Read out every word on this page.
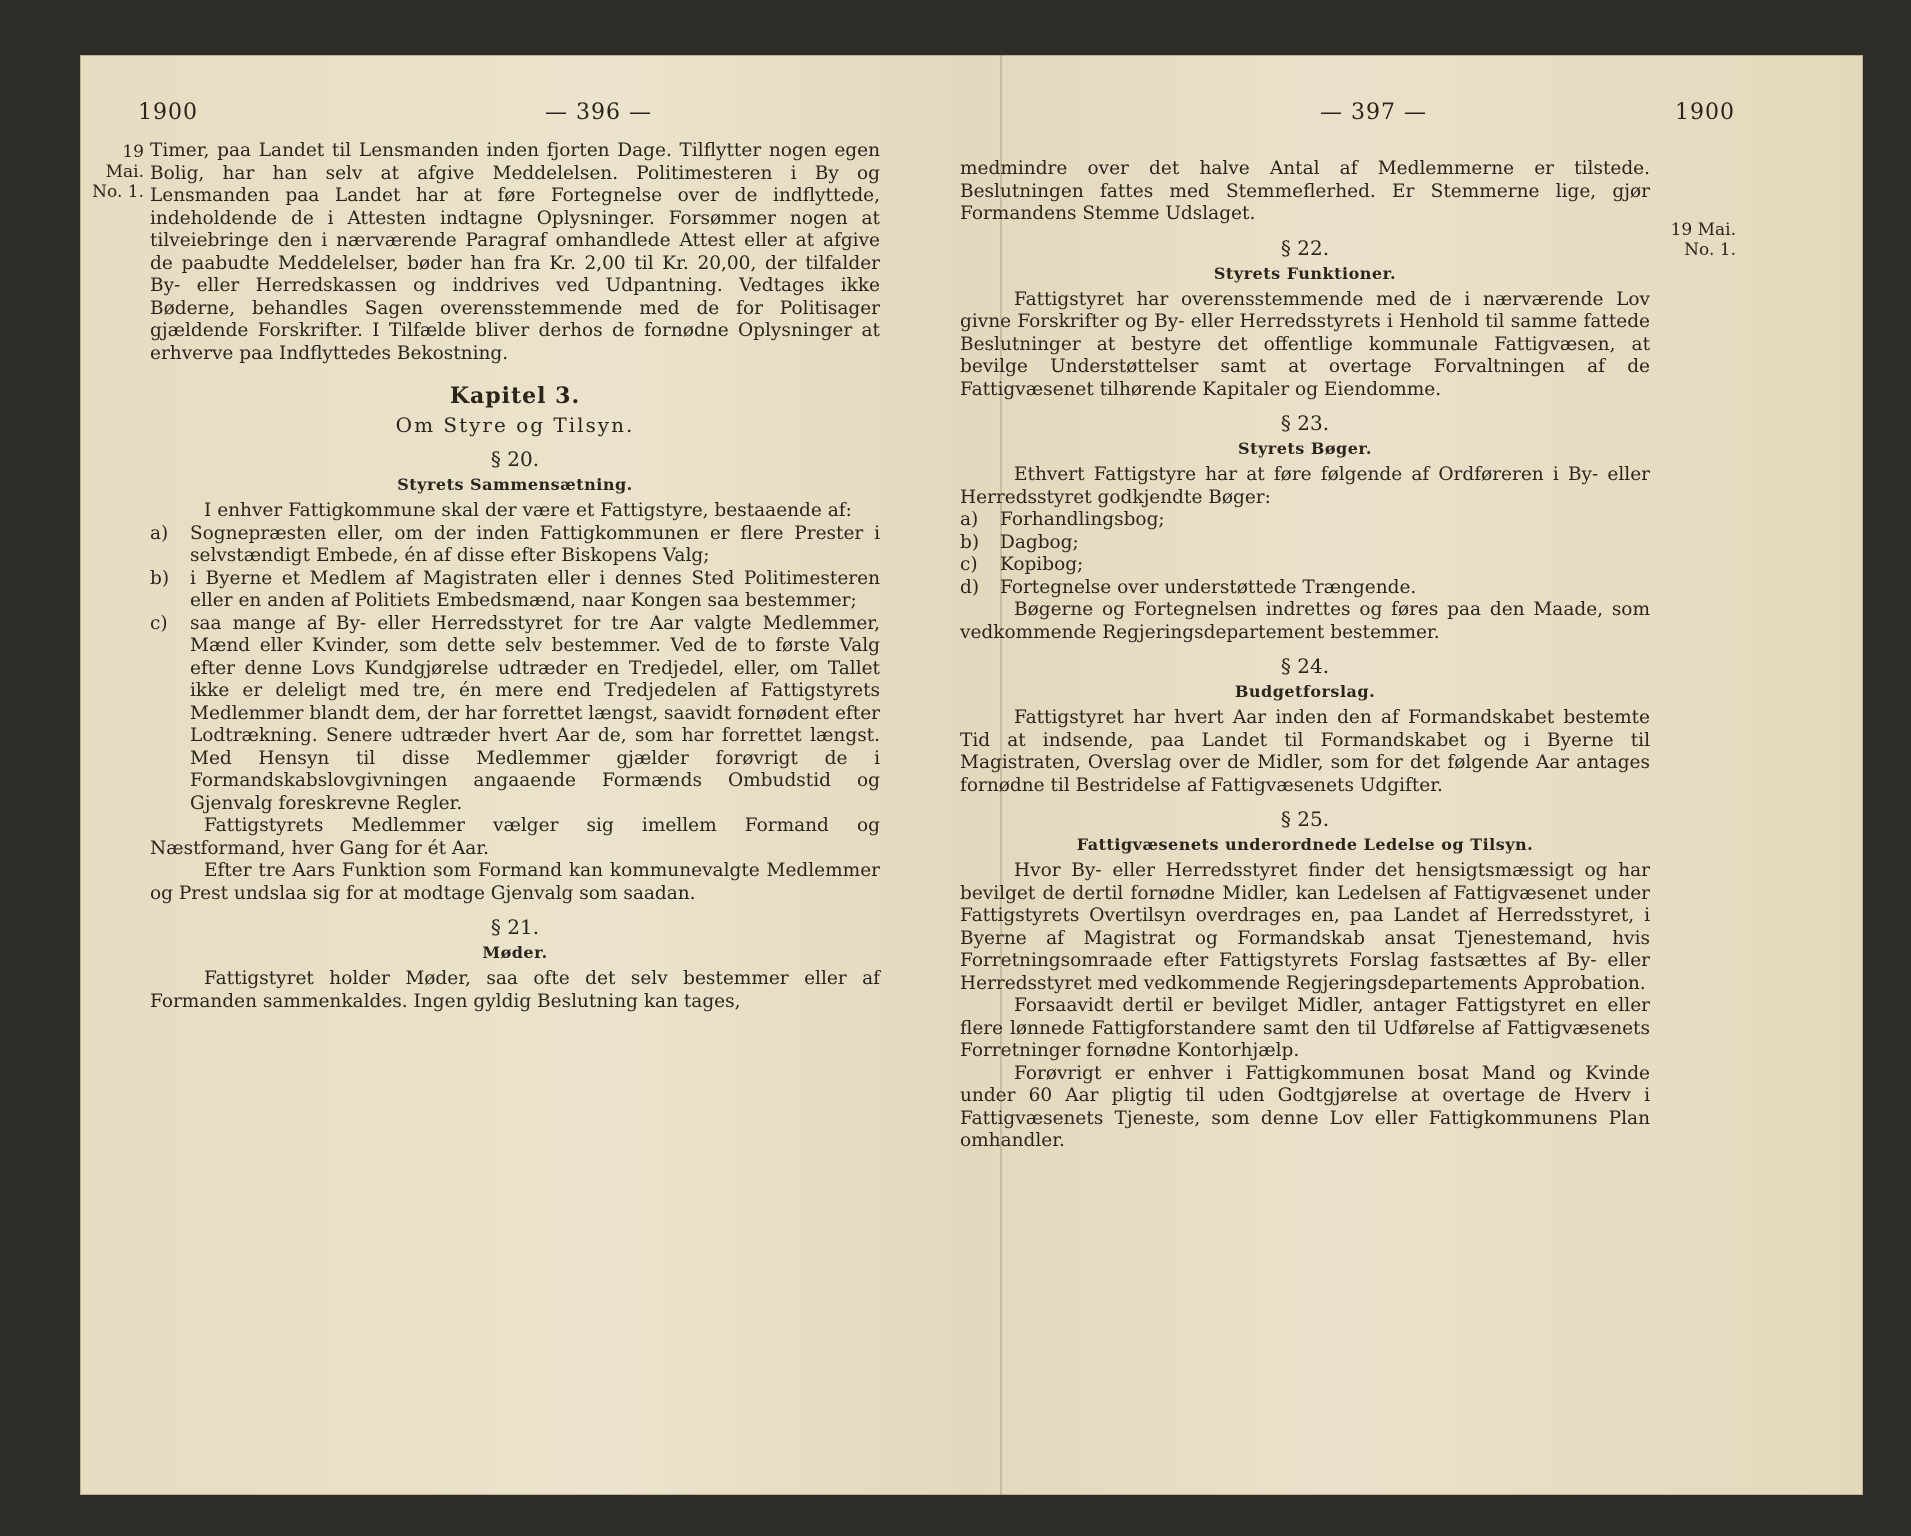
1900	— 396 —
19 Mai.
No. 1.

Timer, paa Landet til Lensmanden inden fjorten Dage. Tilflytter nogen egen Bolig, har han selv at afgive Meddelelsen. Politimesteren i By og Lensmanden paa Landet har at føre Fortegnelse over de indflyttede, indeholdende de i Attesten indtagne Oplysninger. Forsømmer nogen at tilveiebringe den i nærværende Paragraf omhandlede Attest eller at afgive de paabudte Meddelelser, bøder han fra Kr. 2,00 til Kr. 20,00, der tilfalder By- eller Herredskassen og inddrives ved Udpantning. Vedtages ikke Bøderne, behandles Sagen overensstemmende med de for Politisager gjældende Forskrifter. I Tilfælde bliver derhos de fornødne Oplysninger at erhverve paa Indflyttedes Bekostning.

Kapitel 3.
Om Styre og Tilsyn.
§ 20.
Styrets Sammensætning.

I enhver Fattigkommune skal der være et Fattigstyre, bestaaende af:

a)	Sognepræsten eller, om der inden Fattigkommunen er flere Prester i selvstændigt Embede, én af disse efter Biskopens Valg;
b)	i Byerne et Medlem af Magistraten eller i dennes Sted Politimesteren eller en anden af Politiets Embedsmænd, naar Kongen saa bestemmer;
c)	saa mange af By- eller Herredsstyret for tre Aar valgte Medlemmer, Mænd eller Kvinder, som dette selv bestemmer. Ved de to første Valg efter denne Lovs Kundgjørelse udtræder en Tredjedel, eller, om Tallet ikke er deleligt med tre, én mere end Tredjedelen af Fattigstyrets Medlemmer blandt dem, der har forrettet længst, saavidt fornødent efter Lodtrækning. Senere udtræder hvert Aar de, som har forrettet længst. Med Hensyn til disse Medlemmer gjælder forøvrigt de i Formandskabslovgivningen angaaende Formænds Ombudstid og Gjenvalg foreskrevne Regler.

Fattigstyrets Medlemmer vælger sig imellem Formand og Næstformand, hver Gang for ét Aar.

Efter tre Aars Funktion som Formand kan kommunevalgte Medlemmer og Prest undslaa sig for at modtage Gjenvalg som saadan.

§ 21.
Møder.

Fattigstyret holder Møder, saa ofte det selv bestemmer eller af Formanden sammenkaldes. Ingen gyldig Beslutning kan tages,

— 397 —	1900
19 Mai.
No. 1.

medmindre over det halve Antal af Medlemmerne er tilstede. Beslutningen fattes med Stemmeflerhed. Er Stemmerne lige, gjør Formandens Stemme Udslaget.

§ 22.
Styrets Funktioner.

Fattigstyret har overensstemmende med de i nærværende Lov givne Forskrifter og By- eller Herredsstyrets i Henhold til samme fattede Beslutninger at bestyre det offentlige kommunale Fattigvæsen, at bevilge Understøttelser samt at overtage Forvaltningen af de Fattigvæsenet tilhørende Kapitaler og Eiendomme.

§ 23.
Styrets Bøger.

Ethvert Fattigstyre har at føre følgende af Ordføreren i By- eller Herredsstyret godkjendte Bøger:

a)	Forhandlingsbog;
b)	Dagbog;
c)	Kopibog;
d)	Fortegnelse over understøttede Trængende.

Bøgerne og Fortegnelsen indrettes og føres paa den Maade, som vedkommende Regjeringsdepartement bestemmer.

§ 24.
Budgetforslag.

Fattigstyret har hvert Aar inden den af Formandskabet bestemte Tid at indsende, paa Landet til Formandskabet og i Byerne til Magistraten, Overslag over de Midler, som for det følgende Aar antages fornødne til Bestridelse af Fattigvæsenets Udgifter.

§ 25.
Fattigvæsenets underordnede Ledelse og Tilsyn.

Hvor By- eller Herredsstyret finder det hensigtsmæssigt og har bevilget de dertil fornødne Midler, kan Ledelsen af Fattigvæsenet under Fattigstyrets Overtilsyn overdrages en, paa Landet af Herredsstyret, i Byerne af Magistrat og Formandskab ansat Tjenestemand, hvis Forretningsomraade efter Fattigstyrets Forslag fastsættes af By- eller Herredsstyret med vedkommende Regjeringsdepartements Approbation.

Forsaavidt dertil er bevilget Midler, antager Fattigstyret en eller flere lønnede Fattigforstandere samt den til Udførelse af Fattigvæsenets Forretninger fornødne Kontorhjælp.

Forøvrigt er enhver i Fattigkommunen bosat Mand og Kvinde under 60 Aar pligtig til uden Godtgjørelse at overtage de Hverv i Fattigvæsenets Tjeneste, som denne Lov eller Fattigkommunens Plan omhandler.
